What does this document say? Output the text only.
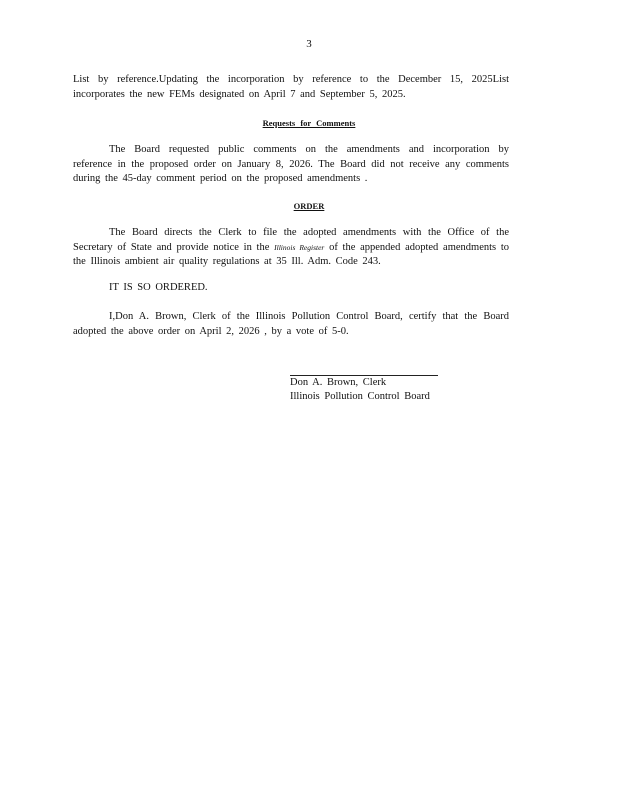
3
List by reference.Updating the incorporation by reference to the December 15, 2025List incorporates the new FEMs designated on April 7 and September 5, 2025.
Requests for Comments
The Board requested public comments on the amendments and incorporation by reference in the proposed order on January 8, 2026. The Board did not receive any comments during the 45-day comment period on the proposed amendments .
ORDER
The Board directs the Clerk to file the adopted amendments with the Office of the Secretary of State and provide notice in the Illinois Register of the appended adopted amendments to the Illinois ambient air quality regulations at 35 Ill. Adm. Code 243.
IT IS SO ORDERED.
I,Don A. Brown, Clerk of the Illinois Pollution Control Board, certify that the Board adopted the above order on April 2, 2026 , by a vote of 5-0.
Don A. Brown, Clerk
Illinois Pollution Control Board
